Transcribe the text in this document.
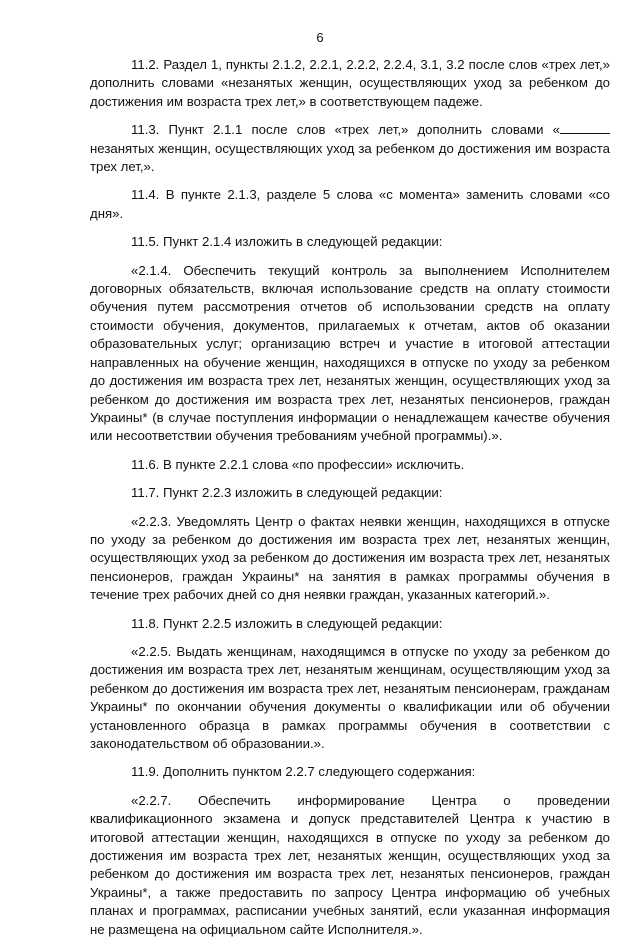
6

11.2. Раздел 1, пункты 2.1.2, 2.2.1, 2.2.2, 2.2.4, 3.1, 3.2 после слов «трех лет,» дополнить словами «незанятых женщин, осуществляющих уход за ребенком до достижения им возраста трех лет,» в соответствующем падеже.

11.3. Пункт 2.1.1 после слов «трех лет,» дополнить словами «незанятых женщин, осуществляющих уход за ребенком до достижения им возраста трех лет,».

11.4. В пункте 2.1.3, разделе 5 слова «с момента» заменить словами «со дня».

11.5. Пункт 2.1.4 изложить в следующей редакции:

«2.1.4. Обеспечить текущий контроль за выполнением Исполнителем договорных обязательств, включая использование средств на оплату стоимости обучения путем рассмотрения отчетов об использовании средств на оплату стоимости обучения, документов, прилагаемых к отчетам, актов об оказании образовательных услуг; организацию встреч и участие в итоговой аттестации направленных на обучение женщин, находящихся в отпуске по уходу за ребенком до достижения им возраста трех лет, незанятых женщин, осуществляющих уход за ребенком до достижения им возраста трех лет, незанятых пенсионеров, граждан Украины* (в случае поступления информации о ненадлежащем качестве обучения или несоответствии обучения требованиям учебной программы).».

11.6. В пункте 2.2.1 слова «по профессии» исключить.

11.7. Пункт 2.2.3 изложить в следующей редакции:

«2.2.3. Уведомлять Центр о фактах неявки женщин, находящихся в отпуске по уходу за ребенком до достижения им возраста трех лет, незанятых женщин, осуществляющих уход за ребенком до достижения им возраста трех лет, незанятых пенсионеров, граждан Украины* на занятия в рамках программы обучения в течение трех рабочих дней со дня неявки граждан, указанных категорий.».

11.8. Пункт 2.2.5 изложить в следующей редакции:

«2.2.5. Выдать женщинам, находящимся в отпуске по уходу за ребенком до достижения им возраста трех лет, незанятым женщинам, осуществляющим уход за ребенком до достижения им возраста трех лет, незанятым пенсионерам, гражданам Украины* по окончании обучения документы о квалификации или об обучении установленного образца в рамках программы обучения в соответствии с законодательством об образовании.».

11.9. Дополнить пунктом 2.2.7 следующего содержания:

«2.2.7. Обеспечить информирование Центра о проведении квалификационного экзамена и допуск представителей Центра к участию в итоговой аттестации женщин, находящихся в отпуске по уходу за ребенком до достижения им возраста трех лет, незанятых женщин, осуществляющих уход за ребенком до достижения им возраста трех лет, незанятых пенсионеров, граждан Украины*, а также предоставить по запросу Центра информацию об учебных планах и программах, расписании учебных занятий, если указанная информация не размещена на официальном сайте Исполнителя.».
